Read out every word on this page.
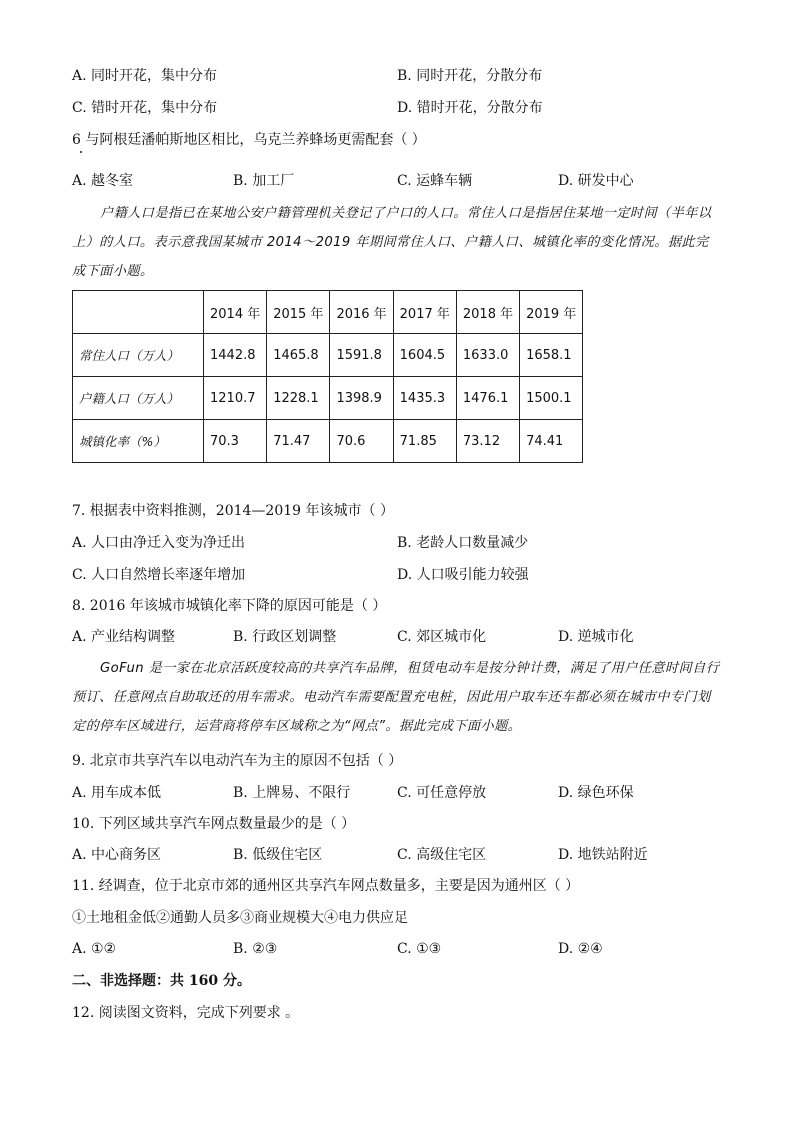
A. 同时开花，集中分布	B. 同时开花，分散分布
C. 错时开花，集中分布	D. 错时开花，分散分布
6 与阿根廷潘帕斯地区相比，乌克兰养蜂场更需配套（ ）
A. 越冬室	B. 加工厂	C. 运蜂车辆	D. 研发中心
户籍人口是指已在某地公安户籍管理机关登记了户口的人口。常住人口是指居住某地一定时间（半年以上）的人口。表示意我国某城市 2014～2019 年期间常住人口、户籍人口、城镇化率的变化情况。据此完成下面小题。
	2014 年	2015 年	2016 年	2017 年	2018 年	2019 年
常住人口（万人）	1442.8	1465.8	1591.8	1604.5	1633.0	1658.1
户籍人口（万人）	1210.7	1228.1	1398.9	1435.3	1476.1	1500.1
城镇化率（%）	70.3	71.47	70.6	71.85	73.12	74.41
7. 根据表中资料推测，2014—2019 年该城市（ ）
A. 人口由净迁入变为净迁出	B. 老龄人口数量减少
C. 人口自然增长率逐年增加	D. 人口吸引能力较强
8. 2016 年该城市城镇化率下降的原因可能是（ ）
A. 产业结构调整	B. 行政区划调整	C. 郊区城市化	D. 逆城市化
GoFun 是一家在北京活跃度较高的共享汽车品牌，租赁电动车是按分钟计费，满足了用户任意时间自行预订、任意网点自助取还的用车需求。电动汽车需要配置充电桩，因此用户取车还车都必须在城市中专门划定的停车区域进行，运营商将停车区域称之为“网点”。据此完成下面小题。
9. 北京市共享汽车以电动汽车为主的原因不包括（ ）
A. 用车成本低	B. 上牌易、不限行	C. 可任意停放	D. 绿色环保
10. 下列区域共享汽车网点数量最少的是（ ）
A. 中心商务区	B. 低级住宅区	C. 高级住宅区	D. 地铁站附近
11. 经调查，位于北京市郊的通州区共享汽车网点数量多，主要是因为通州区（ ）
①土地租金低②通勤人员多③商业规模大④电力供应足
A. ①②	B. ②③	C. ①③	D. ②④
二、非选择题：共 160 分。
12. 阅读图文资料，完成下列要求 。
